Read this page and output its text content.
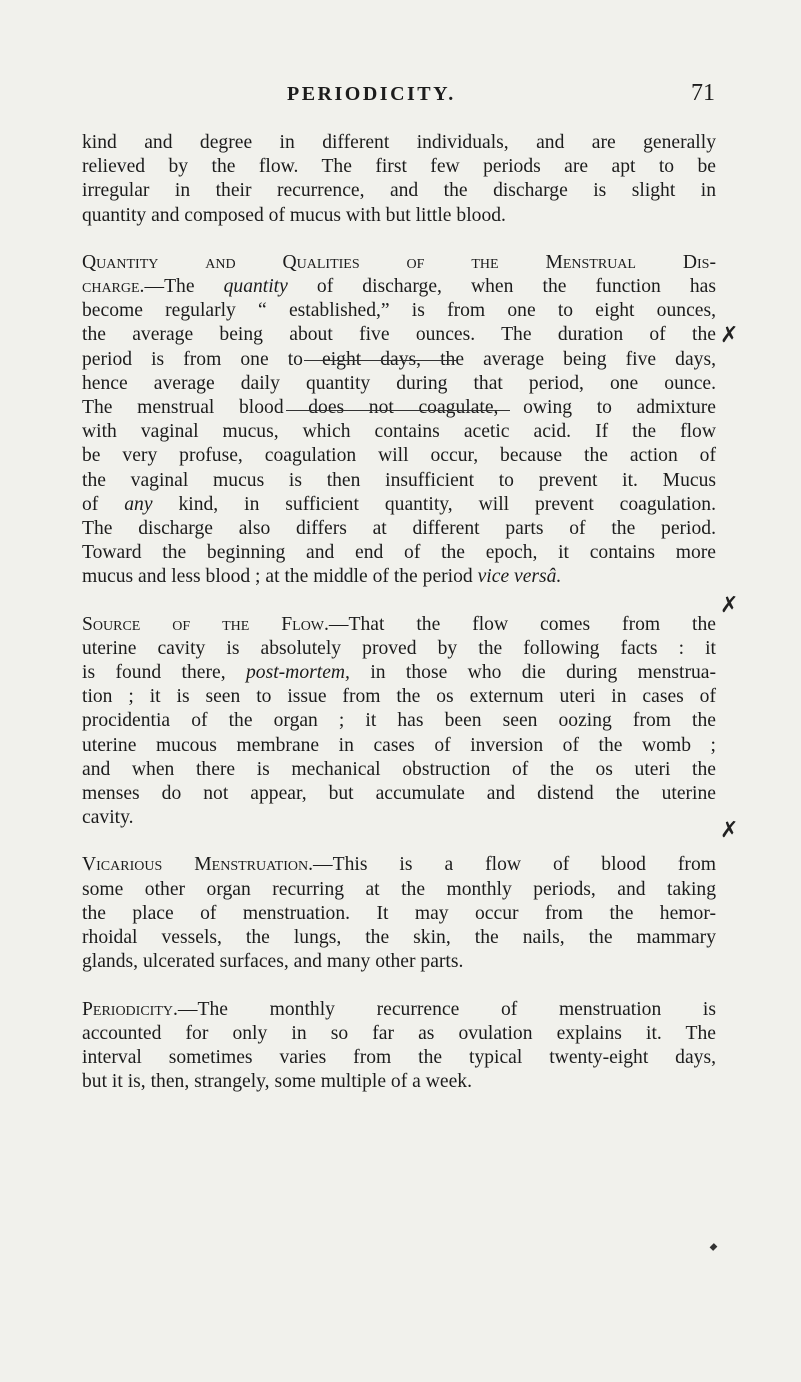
PERIODICITY.	71

kind and degree in different individuals, and are generally
relieved by the flow. The first few periods are apt to be
irregular in their recurrence, and the discharge is slight in
quantity and composed of mucus with but little blood.

Quantity and Qualities of the Menstrual Dis-
charge.—The quantity of discharge, when the function has
become regularly “ established,” is from one to eight ounces,
the average being about five ounces. The duration of the
period is from one to eight days, the average being five days,
hence average daily quantity during that period, one ounce.
The menstrual blood does not coagulate, owing to admixture
with vaginal mucus, which contains acetic acid. If the flow
be very profuse, coagulation will occur, because the action of
the vaginal mucus is then insufficient to prevent it. Mucus
of any kind, in sufficient quantity, will prevent coagulation.
The discharge also differs at different parts of the period.
Toward the beginning and end of the epoch, it contains more
mucus and less blood ; at the middle of the period vice versâ.

Source of the Flow.—That the flow comes from the
uterine cavity is absolutely proved by the following facts : it
is found there, post-mortem, in those who die during menstrua-
tion ; it is seen to issue from the os externum uteri in cases of
procidentia of the organ ; it has been seen oozing from the
uterine mucous membrane in cases of inversion of the womb ;
and when there is mechanical obstruction of the os uteri the
menses do not appear, but accumulate and distend the uterine
cavity.

Vicarious Menstruation.—This is a flow of blood from
some other organ recurring at the monthly periods, and taking
the place of menstruation. It may occur from the hemor-
rhoidal vessels, the lungs, the skin, the nails, the mammary
glands, ulcerated surfaces, and many other parts.

Periodicity.—The monthly recurrence of menstruation is
accounted for only in so far as ovulation explains it. The
interval sometimes varies from the typical twenty-eight days,
but it is, then, strangely, some multiple of a week.

✗
✗
✗
